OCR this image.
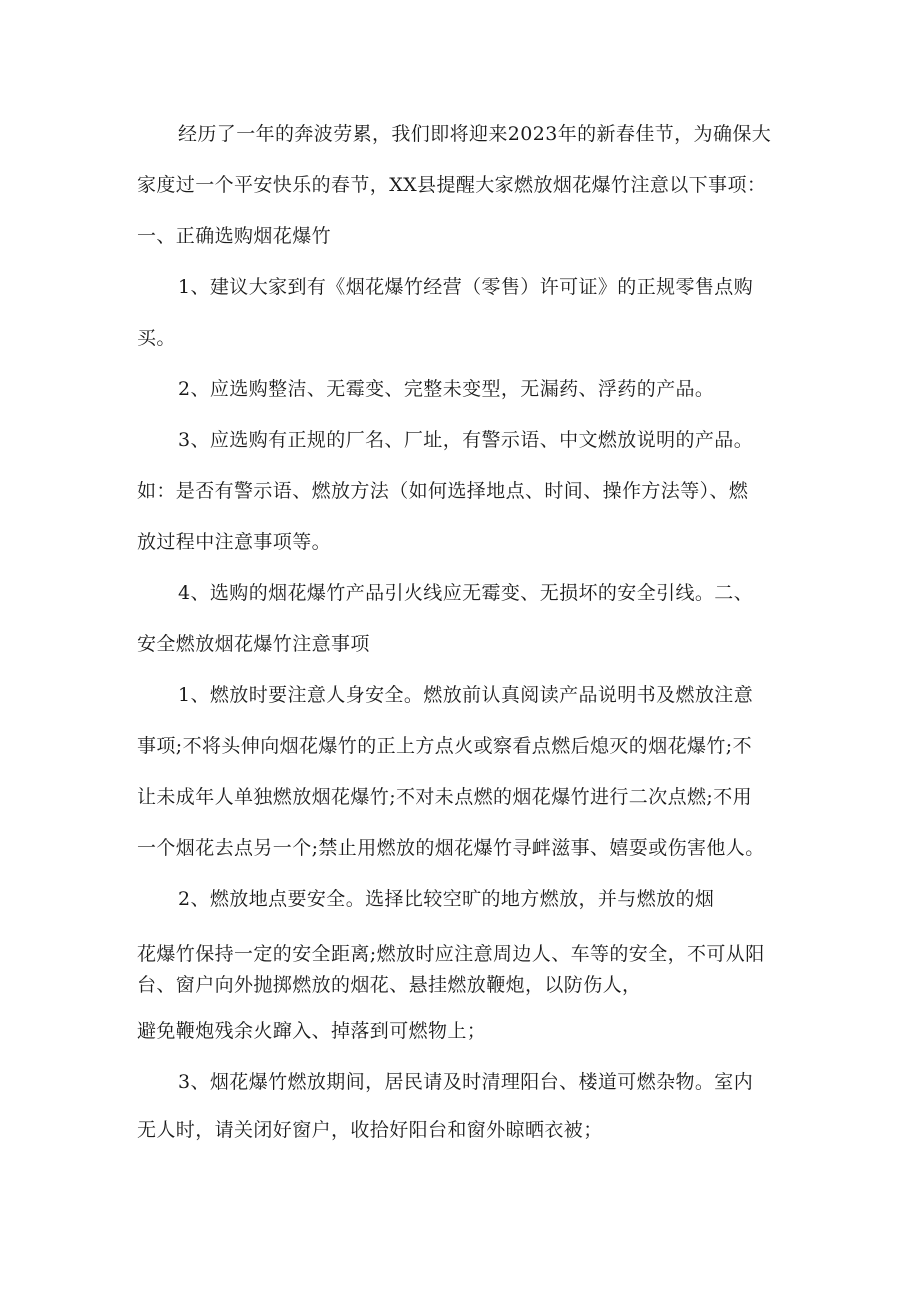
经历了一年的奔波劳累，我们即将迎来2023年的新春佳节，为确保大
家度过一个平安快乐的春节，XX县提醒大家燃放烟花爆竹注意以下事项：
一、正确选购烟花爆竹
1、建议大家到有《烟花爆竹经营（零售）许可证》的正规零售点购
买。
2、应选购整洁、无霉变、完整未变型，无漏药、浮药的产品。
3、应选购有正规的厂名、厂址，有警示语、中文燃放说明的产品。
如：是否有警示语、燃放方法（如何选择地点、时间、操作方法等）、燃
放过程中注意事项等。
4、选购的烟花爆竹产品引火线应无霉变、无损坏的安全引线。二、
安全燃放烟花爆竹注意事项
1、燃放时要注意人身安全。燃放前认真阅读产品说明书及燃放注意
事项;不将头伸向烟花爆竹的正上方点火或察看点燃后熄灭的烟花爆竹;不
让未成年人单独燃放烟花爆竹;不对未点燃的烟花爆竹进行二次点燃;不用
一个烟花去点另一个;禁止用燃放的烟花爆竹寻衅滋事、嬉耍或伤害他人。
2、燃放地点要安全。选择比较空旷的地方燃放，并与燃放的烟
花爆竹保持一定的安全距离;燃放时应注意周边人、车等的安全，不可从阳
台、窗户向外抛掷燃放的烟花、悬挂燃放鞭炮，以防伤人，
避免鞭炮残余火蹿入、掉落到可燃物上；
3、烟花爆竹燃放期间，居民请及时清理阳台、楼道可燃杂物。室内
无人时，请关闭好窗户，收拾好阳台和窗外晾晒衣被；
